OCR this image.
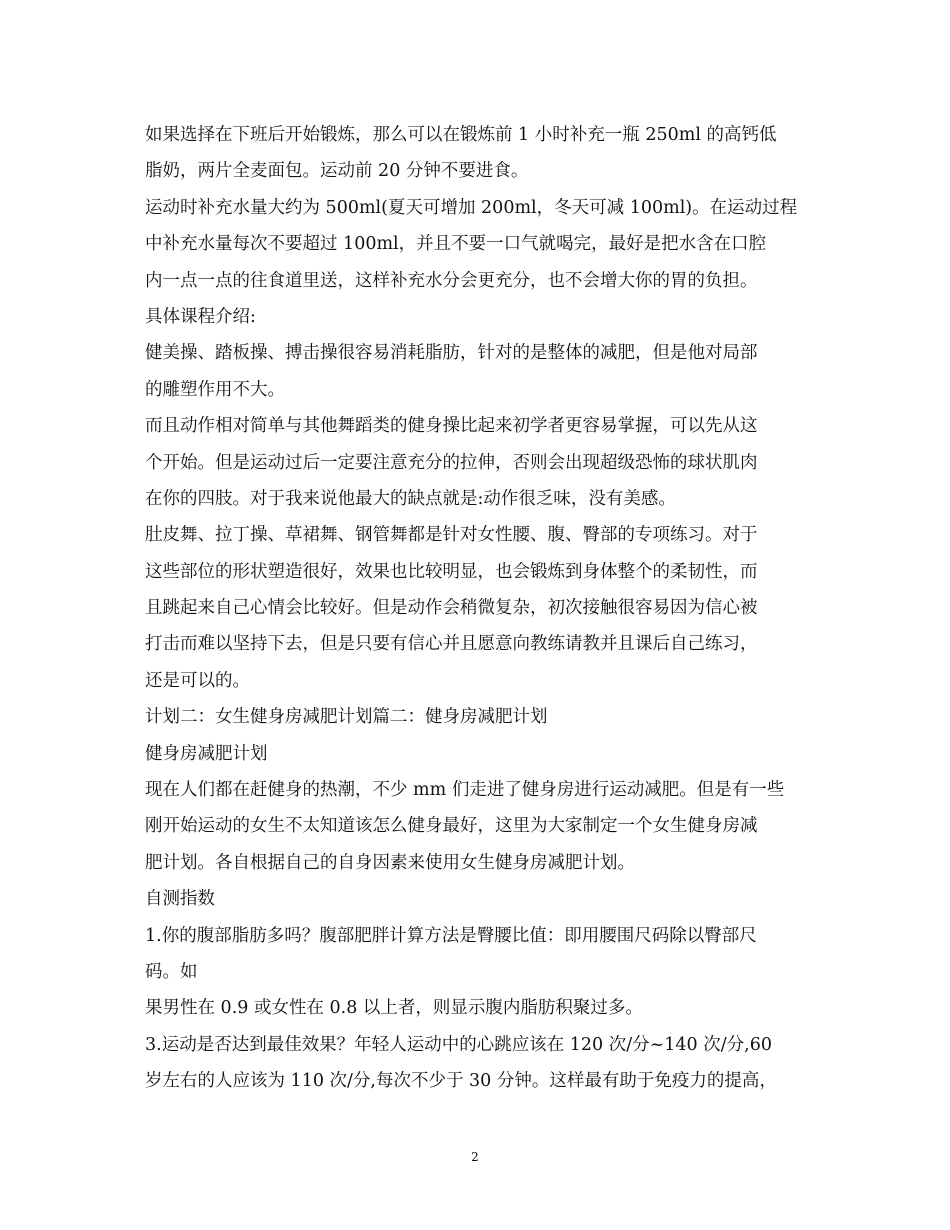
如果选择在下班后开始锻炼，那么可以在锻炼前 1 小时补充一瓶 250ml 的高钙低
脂奶，两片全麦面包。运动前 20 分钟不要进食。
运动时补充水量大约为 500ml(夏天可增加 200ml，冬天可减 100ml)。在运动过程
中补充水量每次不要超过 100ml，并且不要一口气就喝完，最好是把水含在口腔
内一点一点的往食道里送，这样补充水分会更充分，也不会增大你的胃的负担。
具体课程介绍:
健美操、踏板操、搏击操很容易消耗脂肪，针对的是整体的减肥，但是他对局部
的雕塑作用不大。
而且动作相对简单与其他舞蹈类的健身操比起来初学者更容易掌握，可以先从这
个开始。但是运动过后一定要注意充分的拉伸，否则会出现超级恐怖的球状肌肉
在你的四肢。对于我来说他最大的缺点就是:动作很乏味，没有美感。
肚皮舞、拉丁操、草裙舞、钢管舞都是针对女性腰、腹、臀部的专项练习。对于
这些部位的形状塑造很好，效果也比较明显，也会锻炼到身体整个的柔韧性，而
且跳起来自己心情会比较好。但是动作会稍微复杂，初次接触很容易因为信心被
打击而难以坚持下去，但是只要有信心并且愿意向教练请教并且课后自己练习，
还是可以的。
计划二：女生健身房减肥计划篇二：健身房减肥计划
健身房减肥计划
现在人们都在赶健身的热潮，不少 mm 们走进了健身房进行运动减肥。但是有一些
刚开始运动的女生不太知道该怎么健身最好，这里为大家制定一个女生健身房减
肥计划。各自根据自己的自身因素来使用女生健身房减肥计划。
自测指数
1.你的腹部脂肪多吗？腹部肥胖计算方法是臀腰比值：即用腰围尺码除以臀部尺
码。如
果男性在 0.9 或女性在 0.8 以上者，则显示腹内脂肪积聚过多。
3.运动是否达到最佳效果？年轻人运动中的心跳应该在 120 次/分~140 次/分,60
岁左右的人应该为 110 次/分,每次不少于 30 分钟。这样最有助于免疫力的提高，
2
